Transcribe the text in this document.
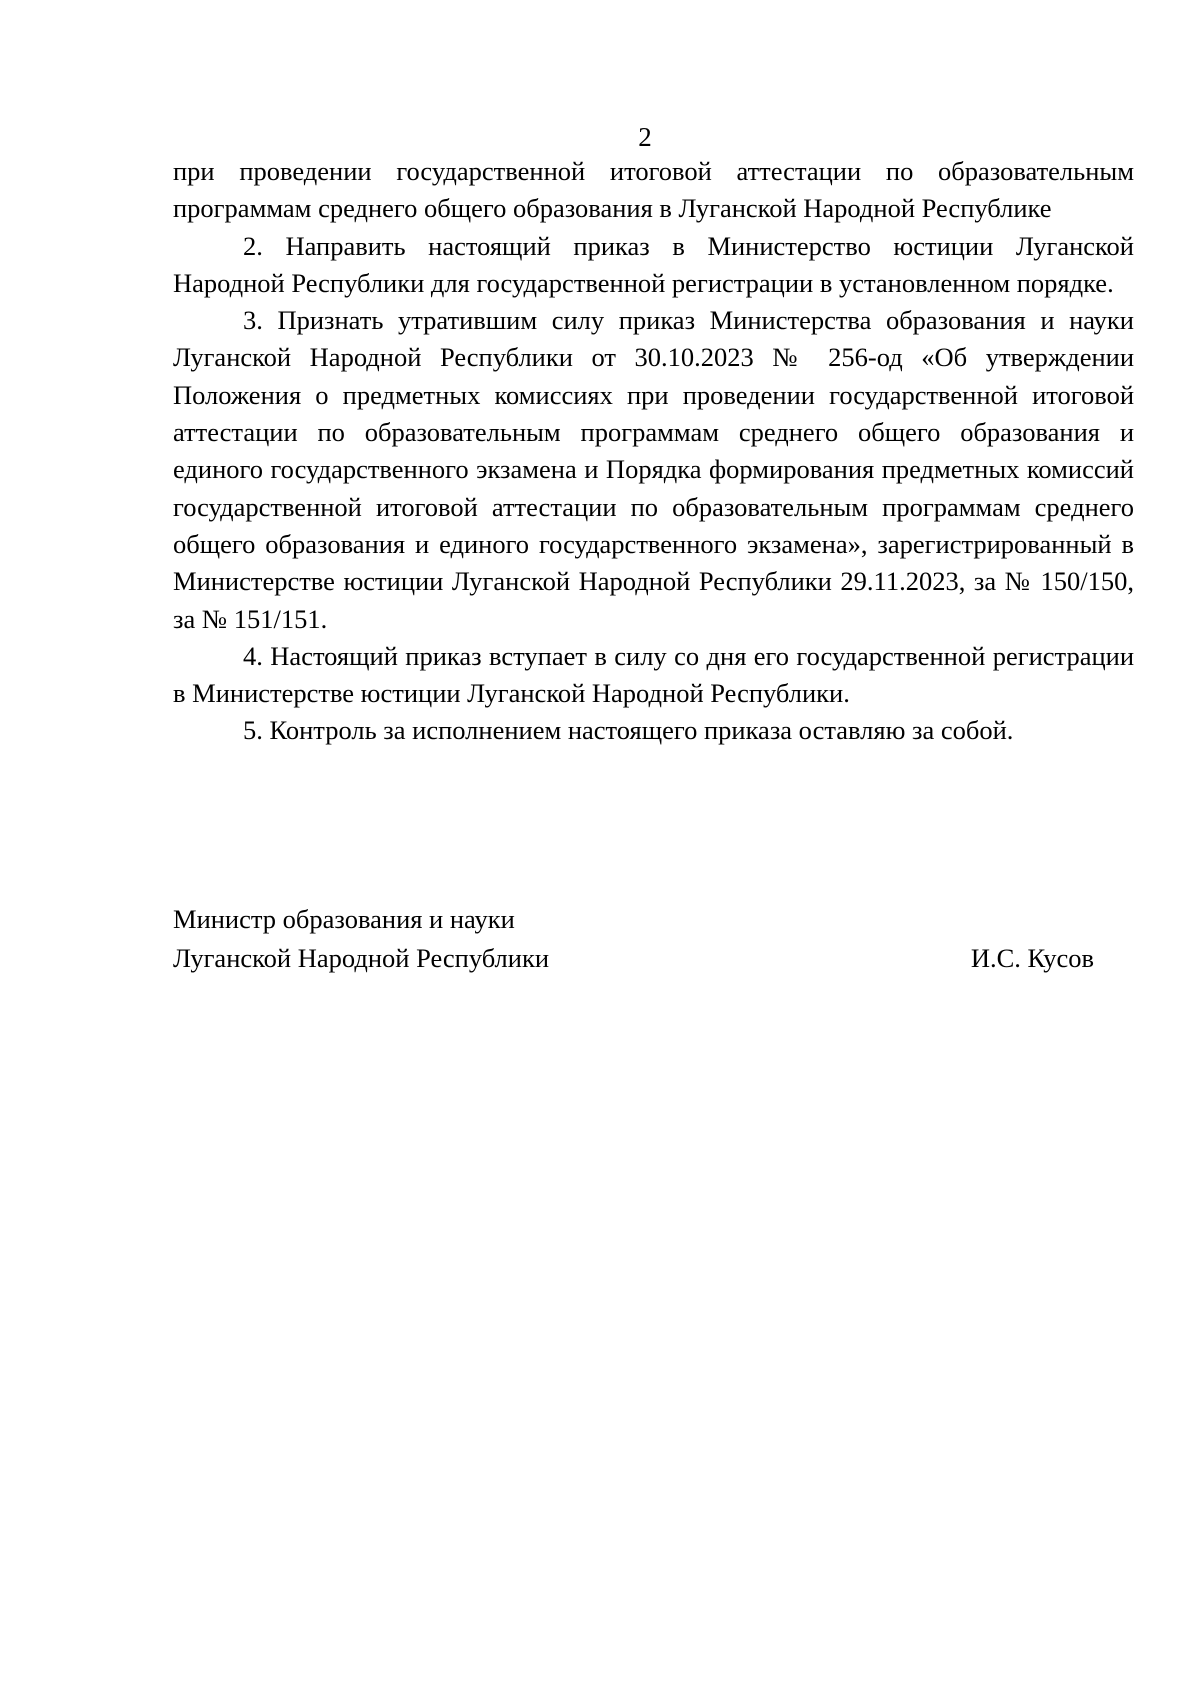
2

при проведении государственной итоговой аттестации по образовательным программам среднего общего образования в Луганской Народной Республике

2. Направить настоящий приказ в Министерство юстиции Луганской Народной Республики для государственной регистрации в установленном порядке.

3. Признать утратившим силу приказ Министерства образования и науки Луганской Народной Республики от 30.10.2023 № 256-од «Об утверждении Положения о предметных комиссиях при проведении государственной итоговой аттестации по образовательным программам среднего общего образования и единого государственного экзамена и Порядка формирования предметных комиссий государственной итоговой аттестации по образовательным программам среднего общего образования и единого государственного экзамена», зарегистрированный в Министерстве юстиции Луганской Народной Республики 29.11.2023, за № 150/150, за № 151/151.

4. Настоящий приказ вступает в силу со дня его государственной регистрации в Министерстве юстиции Луганской Народной Республики.

5. Контроль за исполнением настоящего приказа оставляю за собой.

Министр образования и науки
Луганской Народной Республики	И.С. Кусов
